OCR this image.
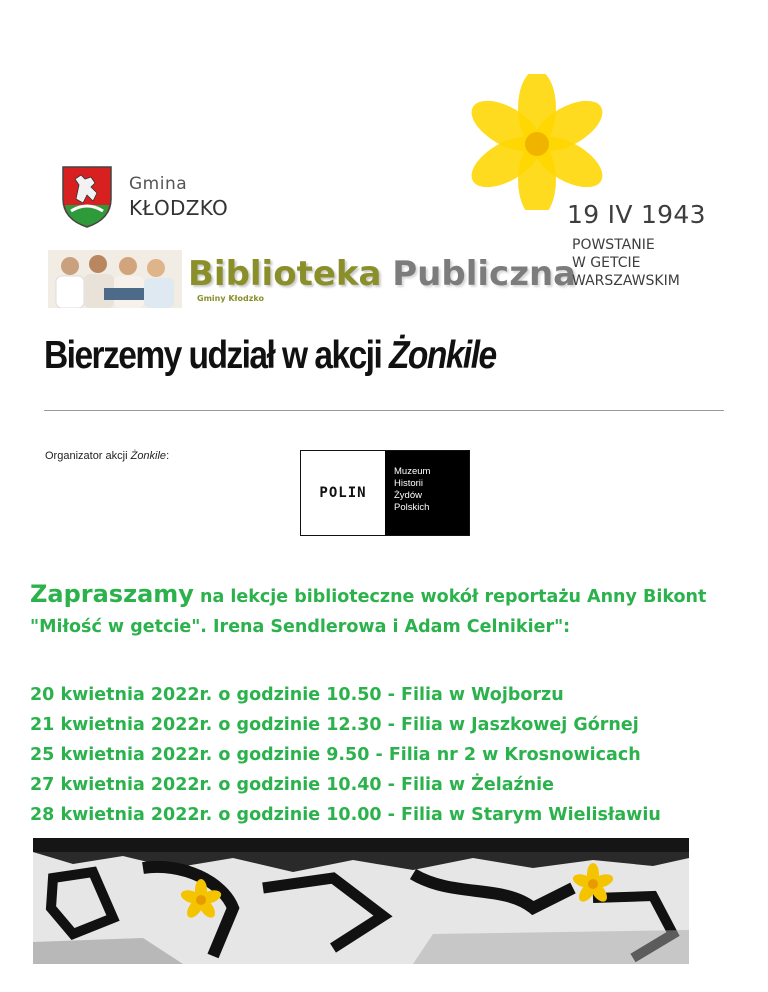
Gmina
KŁODZKO
Biblioteka Publiczna
Gminy Kłodzko
19 IV 1943
POWSTANIE
W GETCIE
WARSZAWSKIM
Bierzemy udział w akcji Żonkile
Organizator akcji Żonkile:
POLIN
Muzeum
Historii
Żydów
Polskich
Zapraszamy na lekcje biblioteczne wokół reportażu Anny Bikont "Miłość w getcie". Irena Sendlerowa i Adam Celnikier":
20 kwietnia 2022r. o godzinie 10.50 - Filia w Wojborzu
21 kwietnia 2022r. o godzinie 12.30 - Filia w Jaszkowej Górnej
25 kwietnia 2022r. o godzinie 9.50 - Filia nr 2 w Krosnowicach
27 kwietnia 2022r. o godzinie 10.40 - Filia w Żelaźnie
28 kwietnia 2022r. o godzinie 10.00 - Filia w Starym Wielisławiu
